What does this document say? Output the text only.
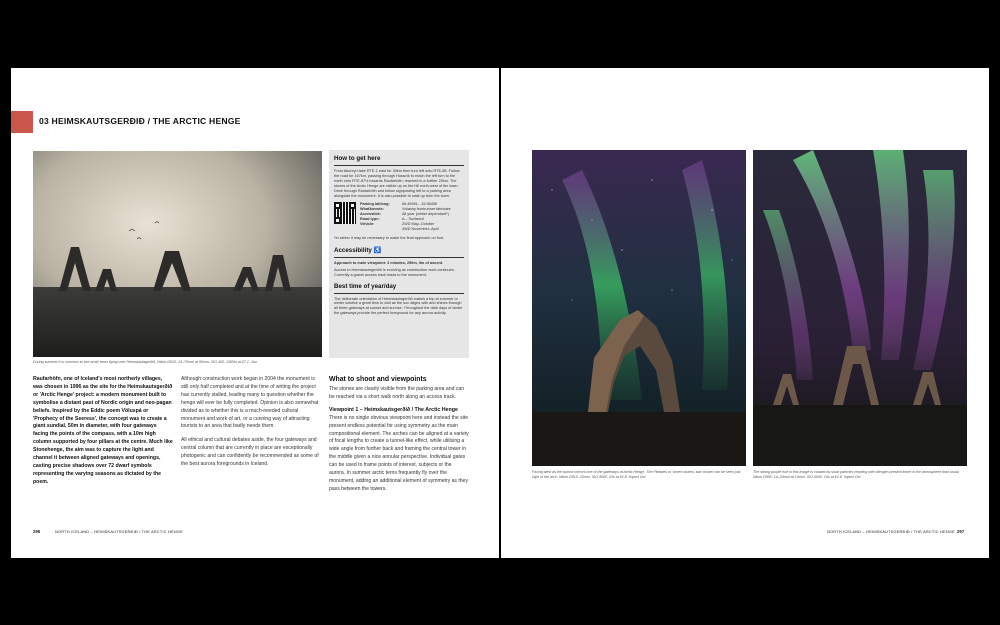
03 HEIMSKAUTSGERÐIÐ / THE ARCTIC HENGE
During summer it is common to see arctic terns flying over Heimskautsgerðið. Nikon D810, 24–70mm at 50mm, ISO 400, 1/500s at f/7.1. Jun
Raufarhöfn, one of Iceland's most northerly villages, was chosen in 1996 as the site for the Heimskautsgerðið or 'Arctic Henge' project: a modern monument built to symbolise a distant past of Nordic origin and neo-pagan beliefs. Inspired by the Eddic poem Völuspá or 'Prophecy of the Seeress', the concept was to create a giant sundial, 50m in diameter, with four gateways facing the points of the compass, with a 10m high column supported by four pillars at the centre. Much like Stonehenge, the aim was to capture the light and channel it between aligned gateways and openings, casting precise shadows over 72 dwarf symbols representing the varying seasons as dictated by the poem.

Although construction work began in 2004 the monument is still only half completed and at the time of writing the project has currently stalled, leading many to question whether the henge will ever be fully completed. Opinion is also somewhat divided as to whether this is a much-needed cultural monument and work of art, or a cunning way of attracting tourists to an area that badly needs them.

All ethical and cultural debates aside, the four gateways and central column that are currently in place are exceptionally photogenic and can confidently be recommended as some of the best aurora foregrounds in Iceland.

How to get here

From Akureyri take RTE-1 east for 30km then turn left onto RTE-85. Follow the road for 167km, passing through Húsavík to reach the left turn to the north onto RTE-87½ towards Raufarhöfn, reached in a further 20km. The stones of the Arctic Henge are visible up on the hill north-west of the town. Drive through Raufarhöfn and follow signposting left to a parking area alongside the monument. It is also possible to walk up from the town.

Parking lat/long:	66.45991, -15.96495
What3words:	///slashy.frontrunner.fabricate
Accessible:	All year (winter dependant*)
Road type:	A – Surfaced
Vehicle:	2WD May–October
4WD November–April

*In winter it may be necessary to make the final approach on foot.

Accessibility ♿

Approach to main viewpoint: 3 minutes, 250m, 5m of ascent.

Access to Heimskautsgerðið is evolving as construction work continues. Currently a gravel access track leads to the monument.

Best time of year/day

The deliberate orientation of Heimskautsgerðið makes a trip at summer or winter solstice a great time to visit as the sun aligns with and shines through all three gateways at sunset and sunrise. Throughout the dark days of winter the gateways provide the perfect foreground for any aurora activity.

What to shoot and viewpoints

The stones are clearly visible from the parking area and can be reached via a short walk north along an access track.

Viewpoint 1 – Heimskautsgerðið / The Arctic Henge

There is no single obvious viewpoint here and instead the site present endless potential for using symmetry as the main compositional element. The arches can be aligned at a variety of focal lengths to create a tunnel-like effect, while utilising a wide angle from further back and framing the central tower in the middle given a nice annular perspective. Individual gates can be used to frame points of interest, subjects or the aurora. In summer arctic terns frequently fly over the monument, adding an additional element of symmetry as they pass between the towers.

296	NORTH ICELAND – HEIMSKAUTSGERÐIÐ / THE ARCTIC HENGE
Facing west as the aurora mirrors one of the gateways at Arctic Henge. The Pleiades or 'seven sisters' star cluster can be seen just right of the arch. Nikon D810, 20mm, ISO 4000, 10s at f/1.8. Import Oct
The strong purple hue in this image is caused by solar particles reacting with nitrogen present lower in the atmosphere than usual. Nikon D850, 14–24mm at 14mm, ISO 4000, 10s at f/2.8. Import Oct
NORTH ICELAND – HEIMSKAUTSGERÐIÐ / THE ARCTIC HENGE 297
